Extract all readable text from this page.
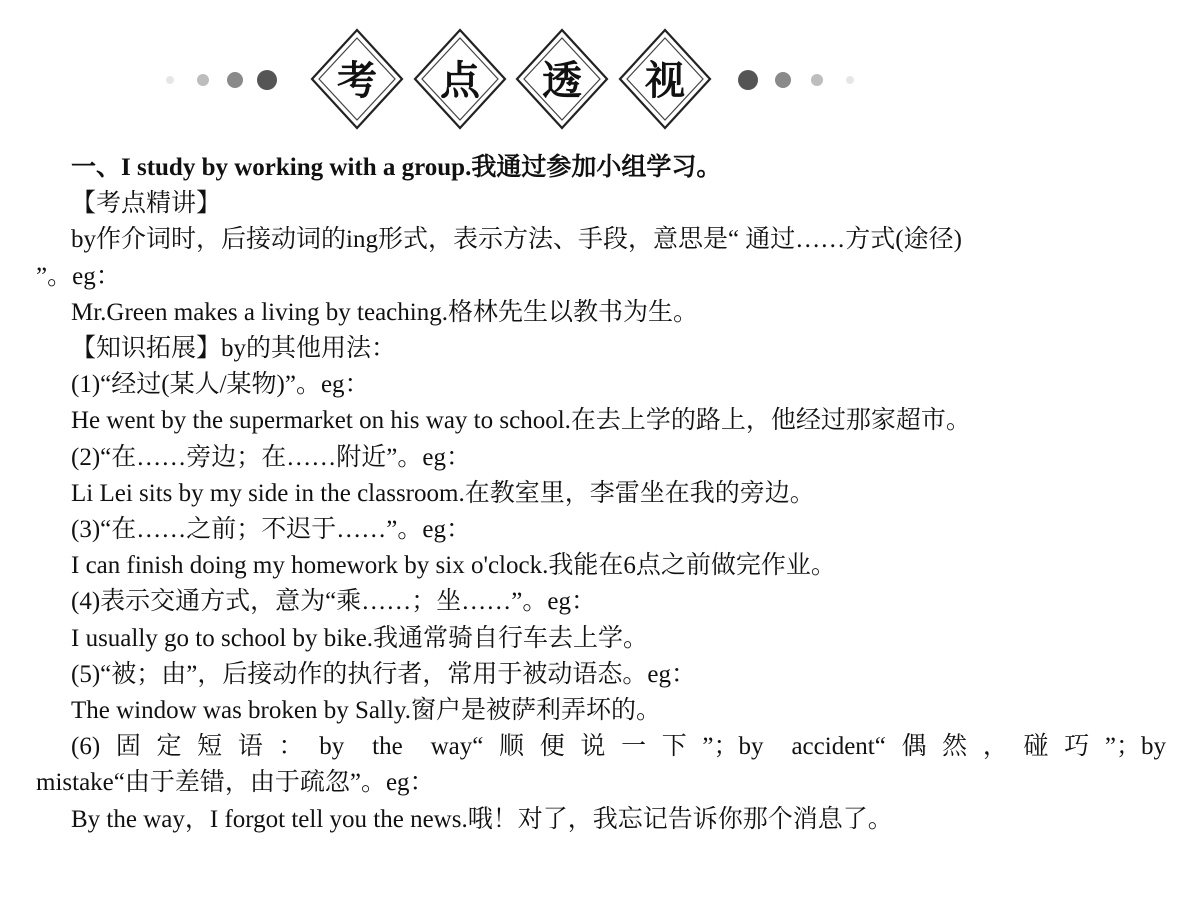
考 点 透 视
一、I study by working with a group.我通过参加小组学习。
【考点精讲】
by作介词时，后接动词的ing形式，表示方法、手段，意思是“ 通过……方式(途径)
”。eg：
Mr.Green makes a living by teaching.格林先生以教书为生。
【知识拓展】by的其他用法：
(1)“经过(某人/某物)”。eg：
He went by the supermarket on his way to school.在去上学的路上，他经过那家超市。
(2)“在……旁边；在……附近”。eg：
Li Lei sits by my side in the classroom.在教室里，李雷坐在我的旁边。
(3)“在……之前；不迟于……”。eg：
I can finish doing my homework by six o'clock.我能在6点之前做完作业。
(4)表示交通方式，意为“乘……；坐……”。eg：
I usually go to school by bike.我通常骑自行车去上学。
(5)“被；由”，后接动作的执行者，常用于被动语态。eg：
The window was broken by Sally.窗户是被萨利弄坏的。
(6)固定短语：by the way“顺便说一下”；by accident“偶然，碰巧”；by
mistake“由于差错，由于疏忽”。eg：
By the way，I forgot tell you the news.哦！对了，我忘记告诉你那个消息了。
